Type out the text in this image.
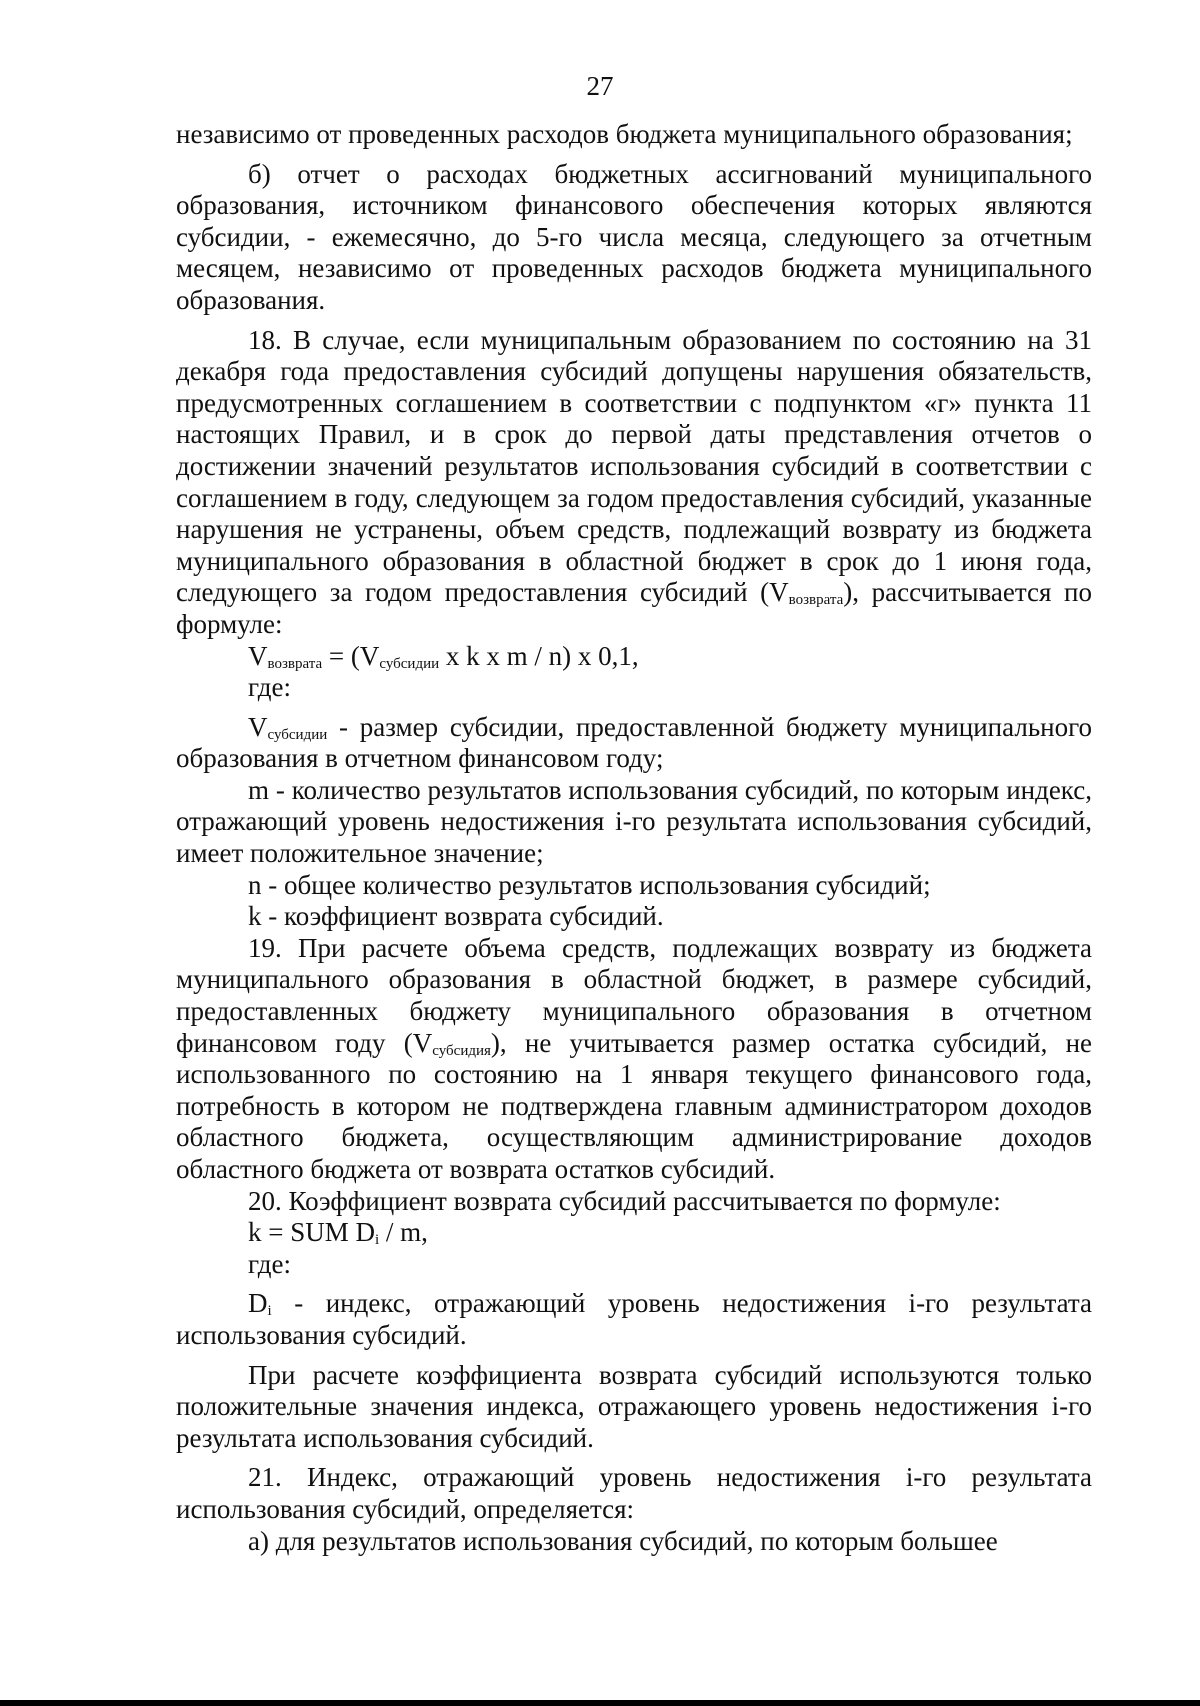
27

независимо от проведенных расходов бюджета муниципального образования;

б) отчет о расходах бюджетных ассигнований муниципального образования, источником финансового обеспечения которых являются субсидии, - ежемесячно, до 5-го числа месяца, следующего за отчетным месяцем, независимо от проведенных расходов бюджета муниципального образования.

18. В случае, если муниципальным образованием по состоянию на 31 декабря года предоставления субсидий допущены нарушения обязательств, предусмотренных соглашением в соответствии с подпунктом «г» пункта 11 настоящих Правил, и в срок до первой даты представления отчетов о достижении значений результатов использования субсидий в соответствии с соглашением в году, следующем за годом предоставления субсидий, указанные нарушения не устранены, объем средств, подлежащий возврату из бюджета муниципального образования в областной бюджет в срок до 1 июня года, следующего за годом предоставления субсидий $(V_{возврата})$, рассчитывается по формуле:

$V_{возврата} = (V_{субсидии}$ x k x m / n) x 0,1,

где:

$V_{субсидии}$ - размер субсидии, предоставленной бюджету муниципального образования в отчетном финансовом году;

m - количество результатов использования субсидий, по которым индекс, отражающий уровень недостижения i-го результата использования субсидий, имеет положительное значение;

n - общее количество результатов использования субсидий;

k - коэффициент возврата субсидий.

19. При расчете объема средств, подлежащих возврату из бюджета муниципального образования в областной бюджет, в размере субсидий, предоставленных бюджету муниципального образования в отчетном финансовом году $(V_{субсидия})$, не учитывается размер остатка субсидий, не использованного по состоянию на 1 января текущего финансового года, потребность в котором не подтверждена главным администратором доходов областного бюджета, осуществляющим администрирование доходов областного бюджета от возврата остатков субсидий.

20. Коэффициент возврата субсидий рассчитывается по формуле:

k = SUM $D_i$ / m,

где:

$D_i$ - индекс, отражающий уровень недостижения i-го результата использования субсидий.

При расчете коэффициента возврата субсидий используются только положительные значения индекса, отражающего уровень недостижения i-го результата использования субсидий.

21. Индекс, отражающий уровень недостижения i-го результата использования субсидий, определяется:

а) для результатов использования субсидий, по которым большее
